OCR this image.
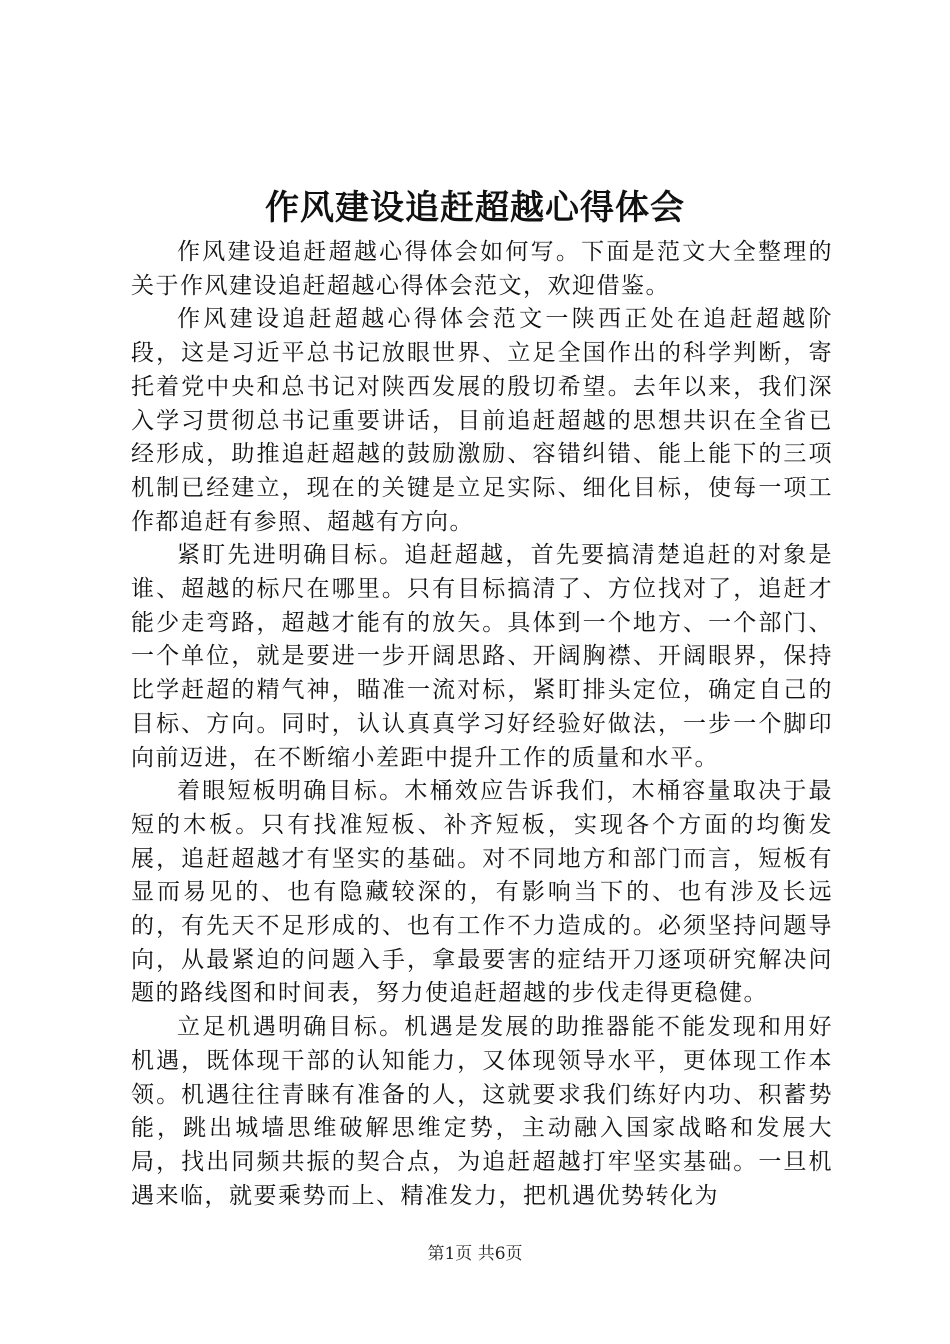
作风建设追赶超越心得体会

作风建设追赶超越心得体会如何写。下面是范文大全整理的关于作风建设追赶超越心得体会范文，欢迎借鉴。

作风建设追赶超越心得体会范文一陕西正处在追赶超越阶段，这是习近平总书记放眼世界、立足全国作出的科学判断，寄托着党中央和总书记对陕西发展的殷切希望。去年以来，我们深入学习贯彻总书记重要讲话，目前追赶超越的思想共识在全省已经形成，助推追赶超越的鼓励激励、容错纠错、能上能下的三项机制已经建立，现在的关键是立足实际、细化目标，使每一项工作都追赶有参照、超越有方向。

紧盯先进明确目标。追赶超越，首先要搞清楚追赶的对象是谁、超越的标尺在哪里。只有目标搞清了、方位找对了，追赶才能少走弯路，超越才能有的放矢。具体到一个地方、一个部门、一个单位，就是要进一步开阔思路、开阔胸襟、开阔眼界，保持比学赶超的精气神，瞄准一流对标，紧盯排头定位，确定自己的目标、方向。同时，认认真真学习好经验好做法，一步一个脚印向前迈进，在不断缩小差距中提升工作的质量和水平。

着眼短板明确目标。木桶效应告诉我们，木桶容量取决于最短的木板。只有找准短板、补齐短板，实现各个方面的均衡发展，追赶超越才有坚实的基础。对不同地方和部门而言，短板有显而易见的、也有隐藏较深的，有影响当下的、也有涉及长远的，有先天不足形成的、也有工作不力造成的。必须坚持问题导向，从最紧迫的问题入手，拿最要害的症结开刀逐项研究解决问题的路线图和时间表，努力使追赶超越的步伐走得更稳健。

立足机遇明确目标。机遇是发展的助推器能不能发现和用好机遇，既体现干部的认知能力，又体现领导水平，更体现工作本领。机遇往往青睐有准备的人，这就要求我们练好内功、积蓄势能，跳出城墙思维破解思维定势，主动融入国家战略和发展大局，找出同频共振的契合点，为追赶超越打牢坚实基础。一旦机遇来临，就要乘势而上、精准发力，把机遇优势转化为

第1页 共6页
